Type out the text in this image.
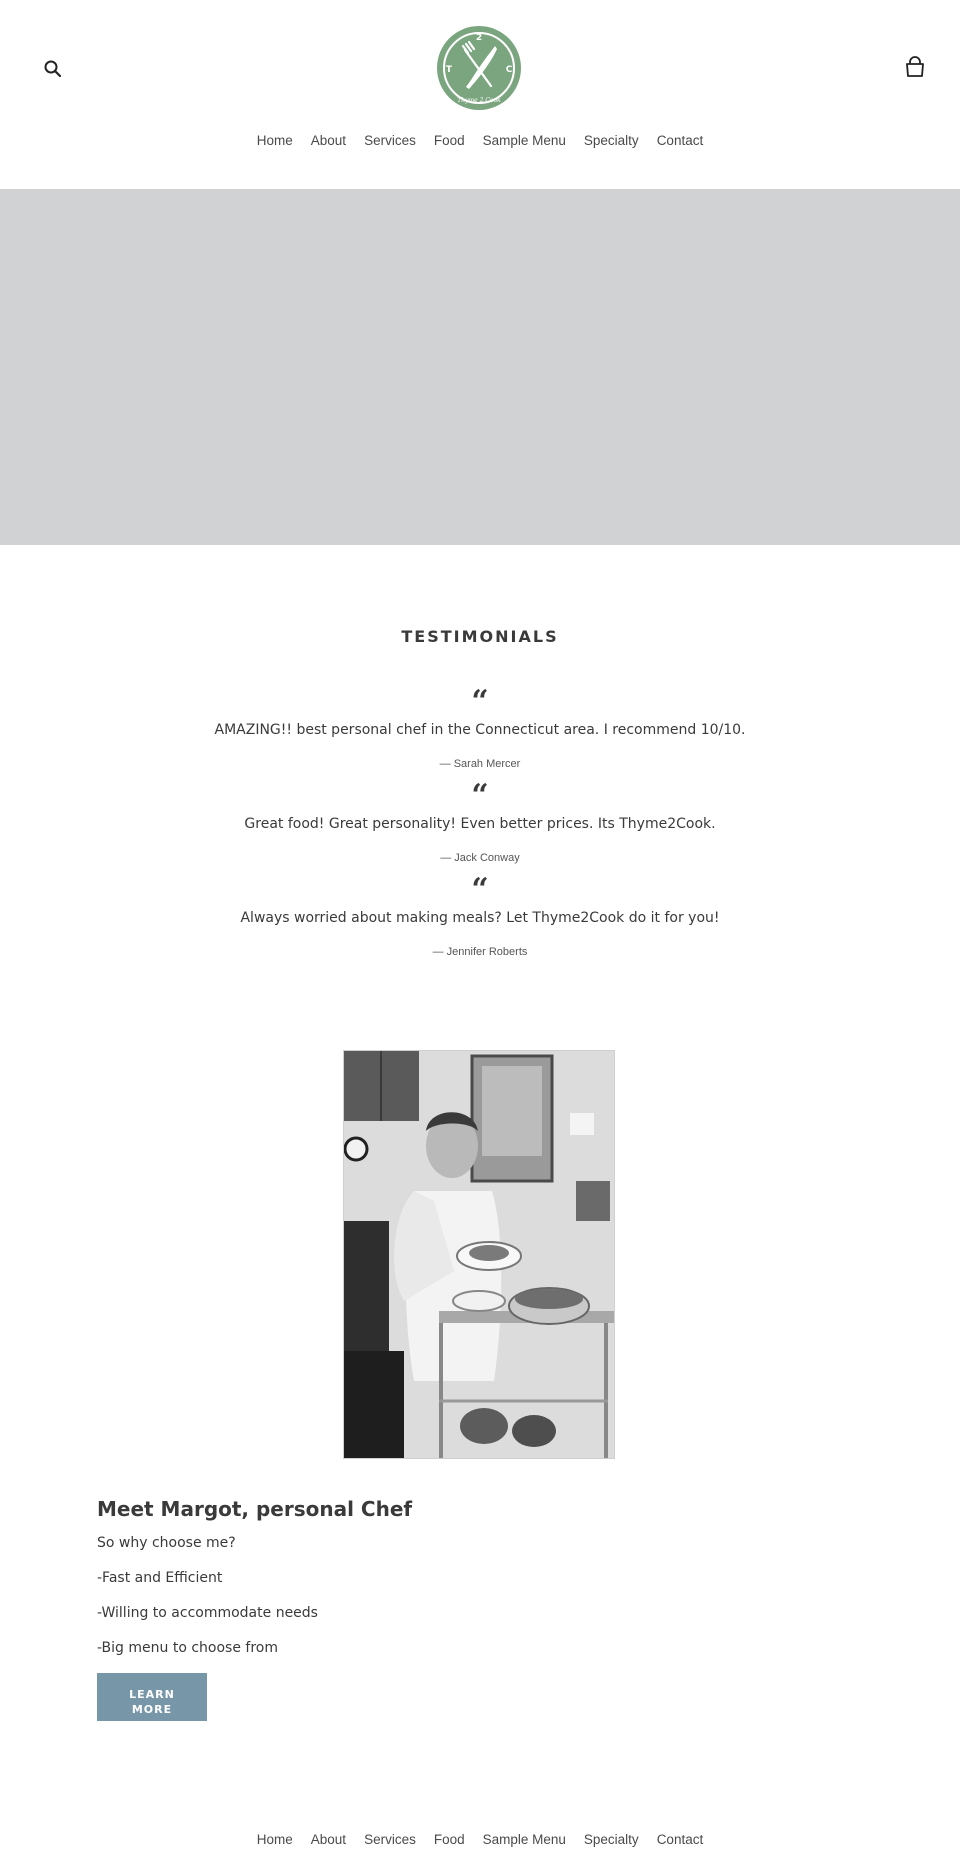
2
T	C
Thyme 2 Cook
Home	About	Services	Food	Sample Menu	Specialty	Contact
TESTIMONIALS
“
AMAZING!! best personal chef in the Connecticut area. I recommend 10/10.
— Sarah Mercer
“
Great food! Great personality! Even better prices. Its Thyme2Cook.
— Jack Conway
“
Always worried about making meals? Let Thyme2Cook do it for you!
— Jennifer Roberts
Meet Margot, personal Chef

So why choose me?

-Fast and Efficient

-Willing to accommodate needs

-Big menu to choose from

LEARN
MORE
Home	About	Services	Food	Sample Menu	Specialty	Contact
